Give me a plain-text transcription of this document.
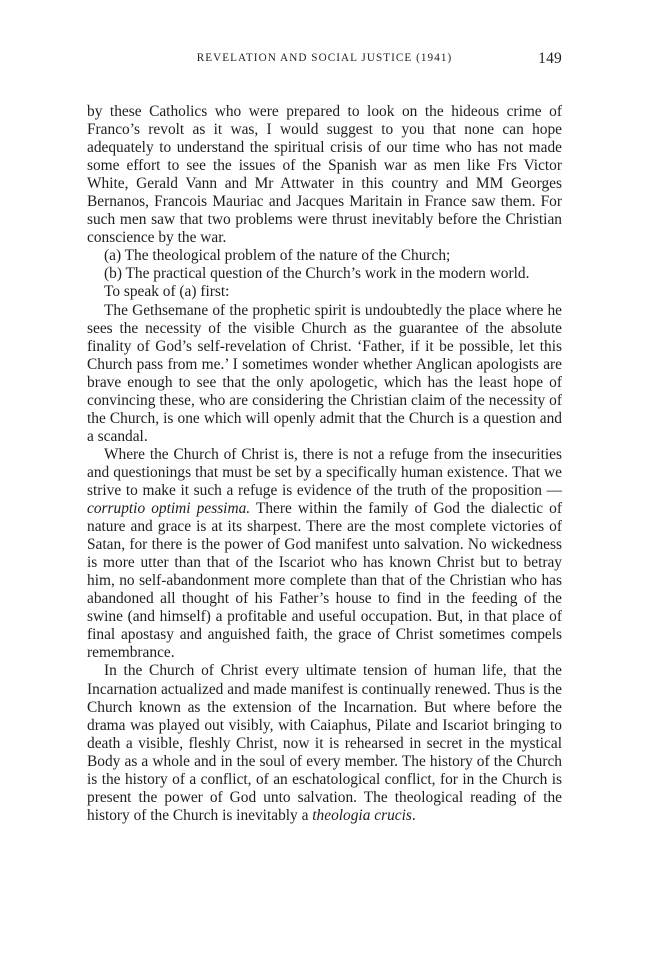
REVELATION AND SOCIAL JUSTICE (1941)	149

by these Catholics who were prepared to look on the hideous crime of Franco’s revolt as it was, I would suggest to you that none can hope adequately to understand the spiritual crisis of our time who has not made some effort to see the issues of the Spanish war as men like Frs Victor White, Gerald Vann and Mr Attwater in this country and MM Georges Bernanos, Francois Mauriac and Jacques Maritain in France saw them. For such men saw that two problems were thrust inevitably before the Christian conscience by the war.

(a) The theological problem of the nature of the Church;

(b) The practical question of the Church’s work in the modern world.

To speak of (a) first:

The Gethsemane of the prophetic spirit is undoubtedly the place where he sees the necessity of the visible Church as the guarantee of the absolute finality of God’s self-revelation of Christ. ‘Father, if it be possible, let this Church pass from me.’ I sometimes wonder whether Anglican apologists are brave enough to see that the only apologetic, which has the least hope of convincing these, who are considering the Christian claim of the necessity of the Church, is one which will openly admit that the Church is a question and a scandal.

Where the Church of Christ is, there is not a refuge from the insecurities and questionings that must be set by a specifically human existence. That we strive to make it such a refuge is evidence of the truth of the proposition — corruptio optimi pessima. There within the family of God the dialectic of nature and grace is at its sharpest. There are the most complete victories of Satan, for there is the power of God manifest unto salvation. No wickedness is more utter than that of the Iscariot who has known Christ but to betray him, no self-abandonment more complete than that of the Christian who has abandoned all thought of his Father’s house to find in the feeding of the swine (and himself) a profitable and useful occupation. But, in that place of final apostasy and anguished faith, the grace of Christ sometimes compels remembrance.

In the Church of Christ every ultimate tension of human life, that the Incarnation actualized and made manifest is continually renewed. Thus is the Church known as the extension of the Incarnation. But where before the drama was played out visibly, with Caiaphus, Pilate and Iscariot bringing to death a visible, fleshly Christ, now it is rehearsed in secret in the mystical Body as a whole and in the soul of every member. The history of the Church is the history of a conflict, of an eschatological conflict, for in the Church is present the power of God unto salvation. The theological reading of the history of the Church is inevitably a theologia crucis.
